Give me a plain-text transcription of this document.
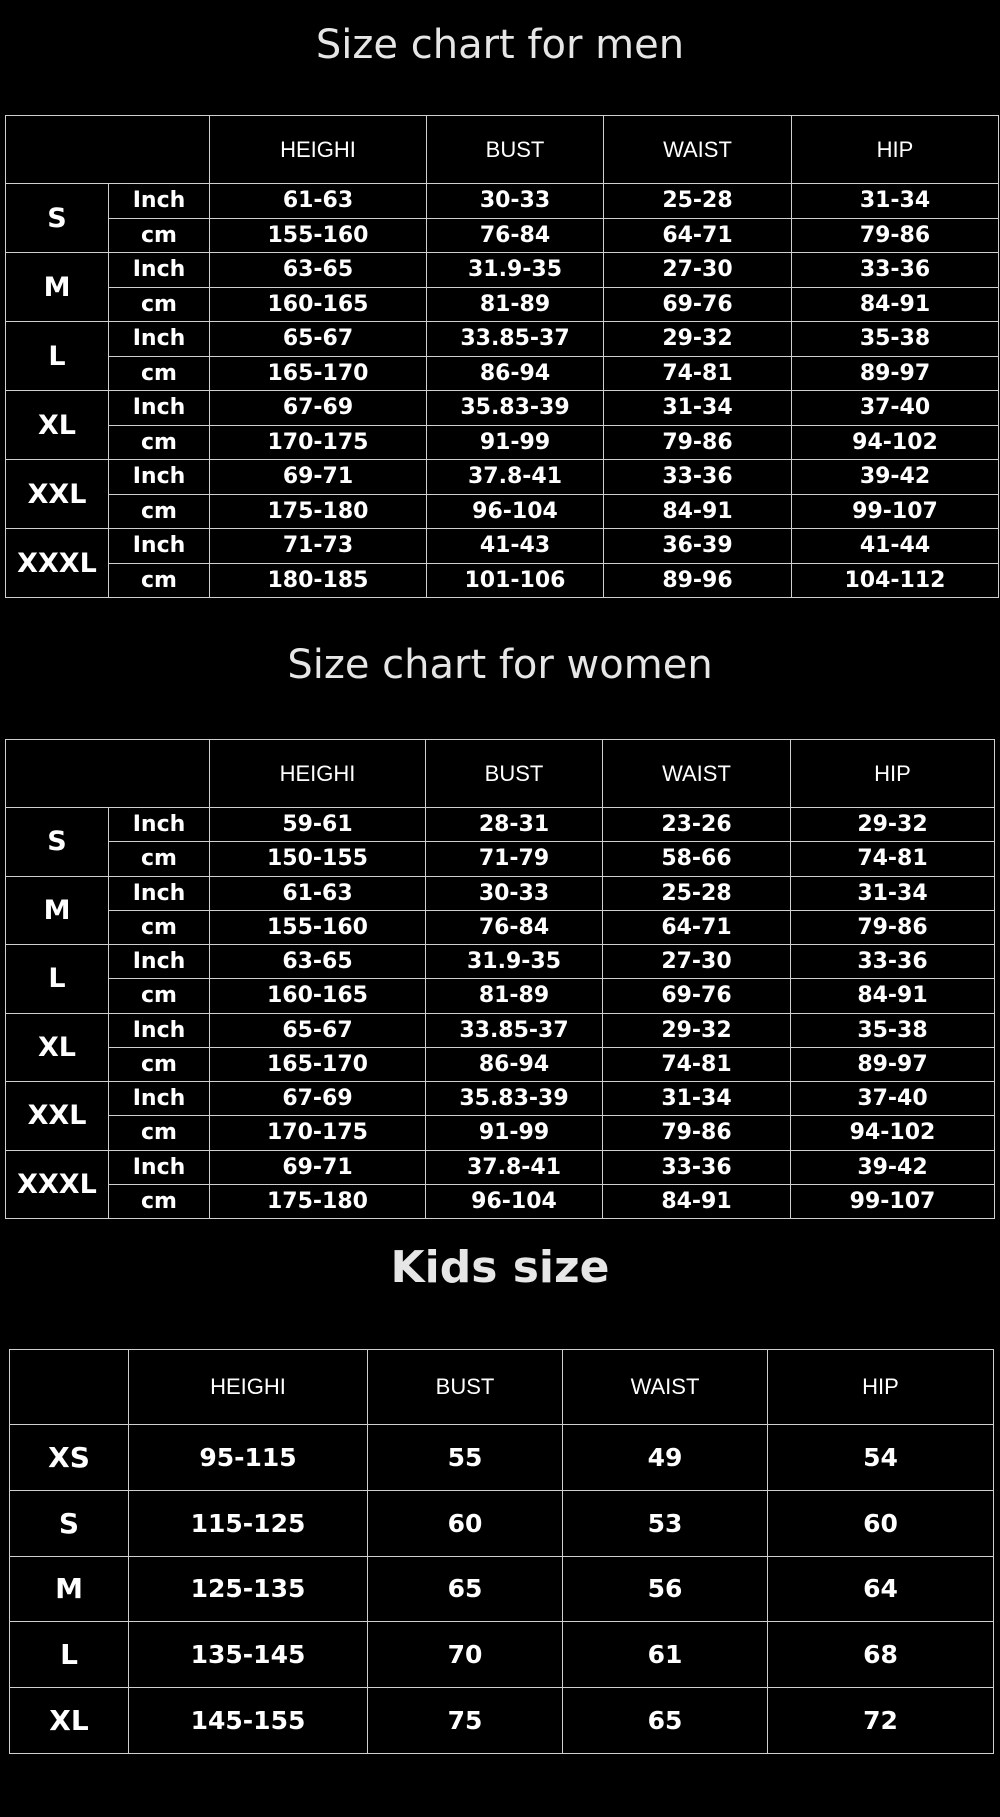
Size chart for men
		HEIGHI	BUST	WAIST	HIP
S	Inch	61-63	30-33	25-28	31-34
	cm	155-160	76-84	64-71	79-86
M	Inch	63-65	31.9-35	27-30	33-36
	cm	160-165	81-89	69-76	84-91
L	Inch	65-67	33.85-37	29-32	35-38
	cm	165-170	86-94	74-81	89-97
XL	Inch	67-69	35.83-39	31-34	37-40
	cm	170-175	91-99	79-86	94-102
XXL	Inch	69-71	37.8-41	33-36	39-42
	cm	175-180	96-104	84-91	99-107
XXXL	Inch	71-73	41-43	36-39	41-44
	cm	180-185	101-106	89-96	104-112
Size chart for women
		HEIGHI	BUST	WAIST	HIP
S	Inch	59-61	28-31	23-26	29-32
	cm	150-155	71-79	58-66	74-81
M	Inch	61-63	30-33	25-28	31-34
	cm	155-160	76-84	64-71	79-86
L	Inch	63-65	31.9-35	27-30	33-36
	cm	160-165	81-89	69-76	84-91
XL	Inch	65-67	33.85-37	29-32	35-38
	cm	165-170	86-94	74-81	89-97
XXL	Inch	67-69	35.83-39	31-34	37-40
	cm	170-175	91-99	79-86	94-102
XXXL	Inch	69-71	37.8-41	33-36	39-42
	cm	175-180	96-104	84-91	99-107
Kids size
	HEIGHI	BUST	WAIST	HIP
XS	95-115	55	49	54
S	115-125	60	53	60
M	125-135	65	56	64
L	135-145	70	61	68
XL	145-155	75	65	72
